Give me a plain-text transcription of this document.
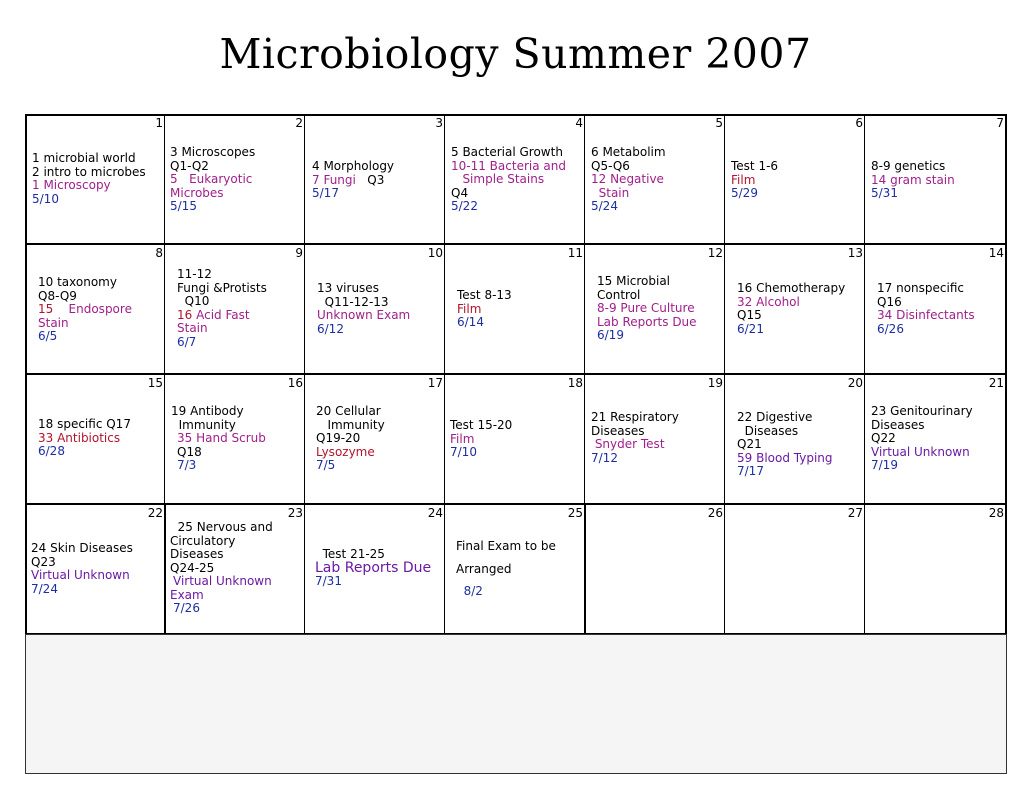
Microbiology Summer 2007
1
1 microbial world
2 intro to microbes
1 Microscopy
5/10
2
3 Microscopes
Q1-Q2
5   Eukaryotic
Microbes
5/15
3
4 Morphology
7 Fungi   Q3
5/17
4
5 Bacterial Growth
10-11 Bacteria and
Simple Stains
Q4
5/22
5
6 Metabolim
Q5-Q6
12 Negative
Stain
5/24
6
Test 1-6
Film
5/29
7
8-9 genetics
14 gram stain
5/31
8
10 taxonomy
Q8-Q9
15    Endospore
Stain
6/5
9
11-12
Fungi &Protists
Q10
16 Acid Fast
Stain
6/7
10
13 viruses
Q11-12-13
Unknown Exam
6/12
11
Test 8-13
Film
6/14
12
15 Microbial
Control
8-9 Pure Culture
Lab Reports Due
6/19
13
16 Chemotherapy
32 Alcohol
Q15
6/21
14
17 nonspecific
Q16
34 Disinfectants
6/26
15
18 specific Q17
33 Antibiotics
6/28
16
19 Antibody
Immunity
35 Hand Scrub
Q18
7/3
17
20 Cellular
Immunity
Q19-20
Lysozyme
7/5
18
Test 15-20
Film
7/10
19
21 Respiratory
Diseases
Snyder Test
7/12
20
22 Digestive
Diseases
Q21
59 Blood Typing
7/17
21
23 Genitourinary
Diseases
Q22
Virtual Unknown
7/19
22
24 Skin Diseases
Q23
Virtual Unknown
7/24
23
25 Nervous and
Circulatory
Diseases
Q24-25
Virtual Unknown
Exam
7/26
24
Test 21-25
Lab Reports Due
7/31
25
Final Exam to be
Arranged
8/2
26	27	28
